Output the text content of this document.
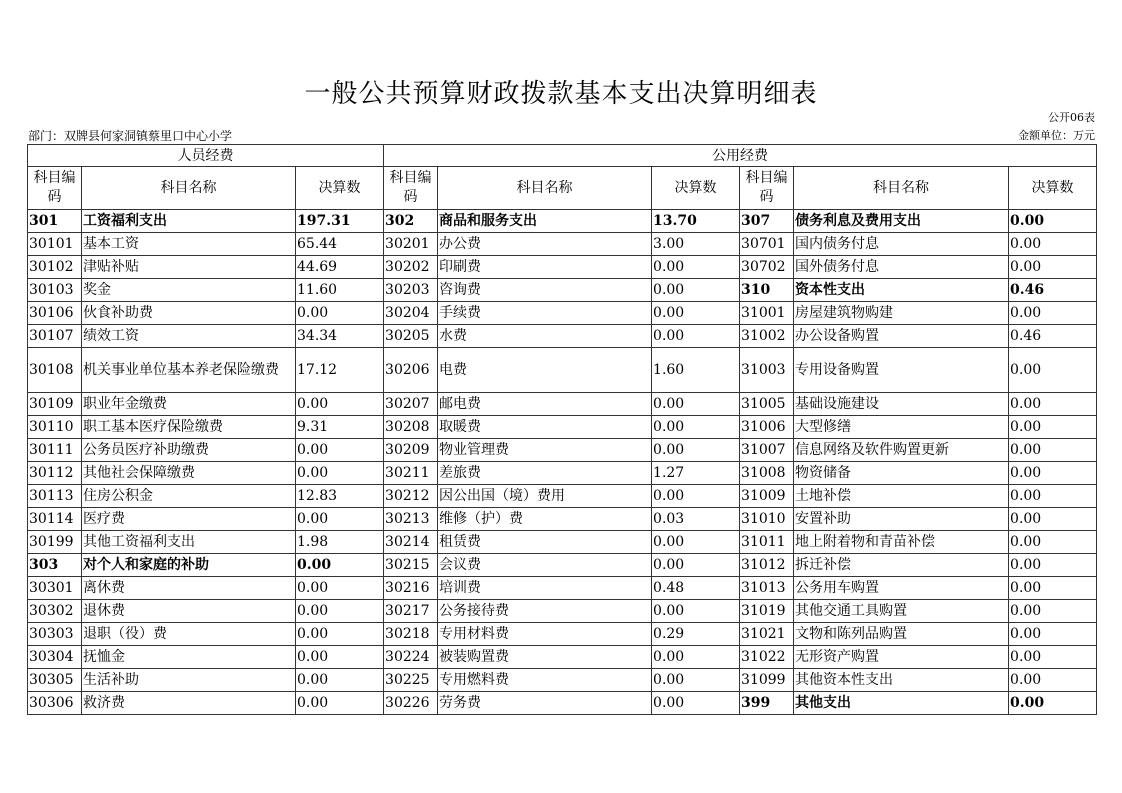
一般公共预算财政拨款基本支出决算明细表
公开06表
部门：双牌县何家洞镇蔡里口中心小学	金额单位：万元
人员经费			公用经费					
科目编码	科目名称	决算数	科目编码	科目名称	决算数	科目编码	科目名称	决算数
301	工资福利支出	197.31	302	商品和服务支出	13.70	307	债务利息及费用支出	0.00
30101	基本工资	65.44	30201	办公费	3.00	30701	国内债务付息	0.00
30102	津贴补贴	44.69	30202	印刷费	0.00	30702	国外债务付息	0.00
30103	奖金	11.60	30203	咨询费	0.00	310	资本性支出	0.46
30106	伙食补助费	0.00	30204	手续费	0.00	31001	房屋建筑物购建	0.00
30107	绩效工资	34.34	30205	水费	0.00	31002	办公设备购置	0.46
30108	机关事业单位基本养老保险缴费	17.12	30206	电费	1.60	31003	专用设备购置	0.00
30109	职业年金缴费	0.00	30207	邮电费	0.00	31005	基础设施建设	0.00
30110	职工基本医疗保险缴费	9.31	30208	取暖费	0.00	31006	大型修缮	0.00
30111	公务员医疗补助缴费	0.00	30209	物业管理费	0.00	31007	信息网络及软件购置更新	0.00
30112	其他社会保障缴费	0.00	30211	差旅费	1.27	31008	物资储备	0.00
30113	住房公积金	12.83	30212	因公出国（境）费用	0.00	31009	土地补偿	0.00
30114	医疗费	0.00	30213	维修（护）费	0.03	31010	安置补助	0.00
30199	其他工资福利支出	1.98	30214	租赁费	0.00	31011	地上附着物和青苗补偿	0.00
303	对个人和家庭的补助	0.00	30215	会议费	0.00	31012	拆迁补偿	0.00
30301	离休费	0.00	30216	培训费	0.48	31013	公务用车购置	0.00
30302	退休费	0.00	30217	公务接待费	0.00	31019	其他交通工具购置	0.00
30303	退职（役）费	0.00	30218	专用材料费	0.29	31021	文物和陈列品购置	0.00
30304	抚恤金	0.00	30224	被装购置费	0.00	31022	无形资产购置	0.00
30305	生活补助	0.00	30225	专用燃料费	0.00	31099	其他资本性支出	0.00
30306	救济费	0.00	30226	劳务费	0.00	399	其他支出	0.00
